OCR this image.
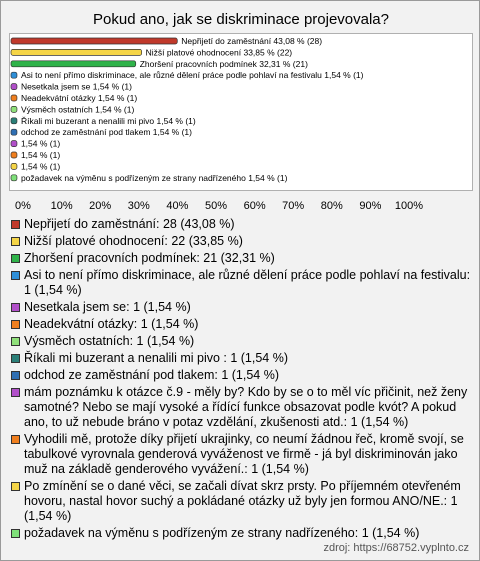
Pokud ano, jak se diskriminace projevovala?
Nepřijetí do zaměstnání 43,08 % (28)
Nižší platové ohodnocení 33,85 % (22)
Zhoršení pracovních podmínek 32,31 % (21)
Asi to není přímo diskriminace, ale různé dělení práce podle pohlaví na festivalu 1,54 % (1)
Nesetkala jsem se 1,54 % (1)
Neadekvátní otázky 1,54 % (1)
Výsměch ostatních 1,54 % (1)
Říkali mi buzerant a nenalili mi pivo 1,54 % (1)
odchod ze zaměstnání pod tlakem 1,54 % (1)
1,54 % (1)
1,54 % (1)
1,54 % (1)
požadavek na výměnu s podřízeným ze strany nadřízeného 1,54 % (1)
0% 10% 20% 30% 40% 50% 60% 70% 80% 90% 100%
Nepřijetí do zaměstnání: 28 (43,08 %)
Nižší platové ohodnocení: 22 (33,85 %)
Zhoršení pracovních podmínek: 21 (32,31 %)
Asi to není přímo diskriminace, ale různé dělení práce podle pohlaví na festivalu: 1 (1,54 %)
Nesetkala jsem se: 1 (1,54 %)
Neadekvátní otázky: 1 (1,54 %)
Výsměch ostatních: 1 (1,54 %)
Říkali mi buzerant a nenalili mi pivo : 1 (1,54 %)
odchod ze zaměstnání pod tlakem: 1 (1,54 %)
mám poznámku k otázce č.9 - měly by? Kdo by se o to měl víc přičinit, než ženy samotné? Nebo se mají vysoké a řídící funkce obsazovat podle kvót? A pokud ano, to už nebude bráno v potaz vzdělání, zkušenosti atd.: 1 (1,54 %)
Vyhodili mě, protože díky přijetí ukrajinky, co neumí žádnou řeč, kromě svojí, se tabulkové vyrovnala genderová vyváženost ve firmě - já byl diskriminován jako muž na základě genderového vyvážení.: 1 (1,54 %)
Po zmínění se o dané věci, se začali dívat skrz prsty. Po příjemném otevřeném hovoru, nastal hovor suchý a pokládané otázky už byly jen formou ANO/NE.: 1 (1,54 %)
požadavek na výměnu s podřízeným ze strany nadřízeného: 1 (1,54 %)
zdroj: https://68752.vyplnto.cz
